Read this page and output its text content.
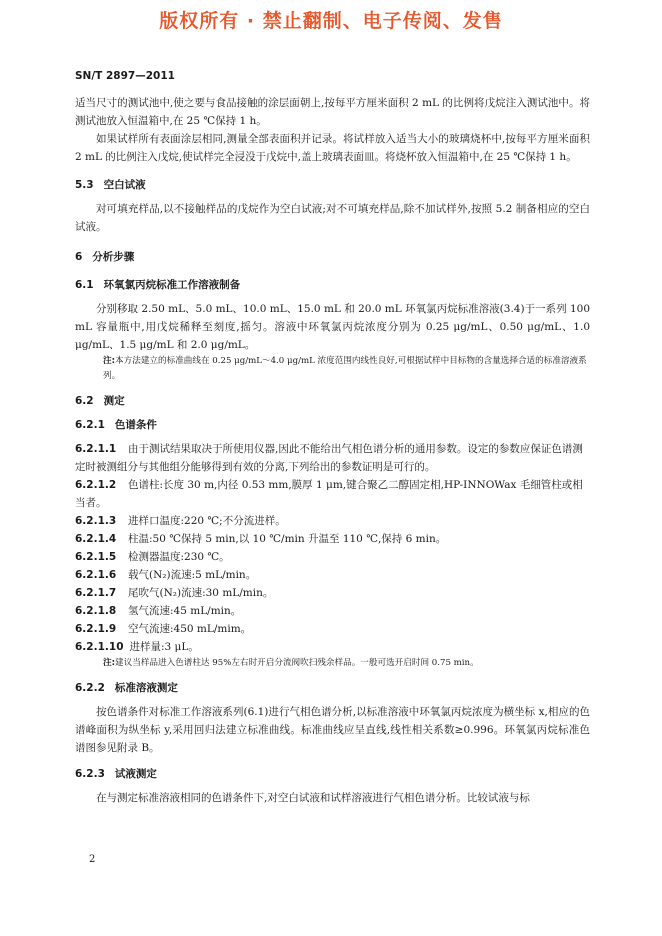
版权所有 · 禁止翻制、电子传阅、发售
SN/T 2897—2011

适当尺寸的测试池中,使之要与食品接触的涂层面朝上,按每平方厘米面积 2 mL 的比例将戊烷注入测试池中。将测试池放入恒温箱中,在 25 ℃保持 1 h。

如果试样所有表面涂层相同,测量全部表面积并记录。将试样放入适当大小的玻璃烧杯中,按每平方厘米面积 2 mL 的比例注入戊烷,使试样完全浸没于戊烷中,盖上玻璃表面皿。将烧杯放入恒温箱中,在 25 ℃保持 1 h。

5.3 空白试液

对可填充样品,以不接触样品的戊烷作为空白试液;对不可填充样品,除不加试样外,按照 5.2 制备相应的空白试液。

6 分析步骤

6.1 环氧氯丙烷标准工作溶液制备

分别移取 2.50 mL、5.0 mL、10.0 mL、15.0 mL 和 20.0 mL 环氧氯丙烷标准溶液(3.4)于一系列 100 mL 容量瓶中,用戊烷稀释至刻度,摇匀。溶液中环氧氯丙烷浓度分别为 0.25 μg/mL、0.50 μg/mL、1.0 μg/mL、1.5 μg/mL 和 2.0 μg/mL。

注:本方法建立的标准曲线在 0.25 μg/mL～4.0 μg/mL 浓度范围内线性良好,可根据试样中目标物的含量选择合适的标准溶液系列。

6.2 测定

6.2.1 色谱条件

6.2.1.1 由于测试结果取决于所使用仪器,因此不能给出气相色谱分析的通用参数。设定的参数应保证色谱测定时被测组分与其他组分能够得到有效的分离,下列给出的参数证明是可行的。

6.2.1.2 色谱柱:长度 30 m,内径 0.53 mm,膜厚 1 μm,键合聚乙二醇固定相,HP-INNOWax 毛细管柱或相当者。

6.2.1.3 进样口温度:220 ℃;不分流进样。

6.2.1.4 柱温:50 ℃保持 5 min,以 10 ℃/min 升温至 110 ℃,保持 6 min。

6.2.1.5 检测器温度:230 ℃。

6.2.1.6 载气(N₂)流速:5 mL/min。

6.2.1.7 尾吹气(N₂)流速:30 mL/min。

6.2.1.8 氢气流速:45 mL/min。

6.2.1.9 空气流速:450 mL/mim。

6.2.1.10 进样量:3 μL。

注:建议当样品进入色谱柱达 95%左右时开启分流阀吹扫残余样品。一般可选开启时间 0.75 min。

6.2.2 标准溶液测定

按色谱条件对标准工作溶液系列(6.1)进行气相色谱分析,以标准溶液中环氧氯丙烷浓度为横坐标 x,相应的色谱峰面积为纵坐标 y,采用回归法建立标准曲线。标准曲线应呈直线,线性相关系数≥0.996。环氧氯丙烷标准色谱图参见附录 B。

6.2.3 试液测定

在与测定标准溶液相同的色谱条件下,对空白试液和试样溶液进行气相色谱分析。比较试液与标

2
